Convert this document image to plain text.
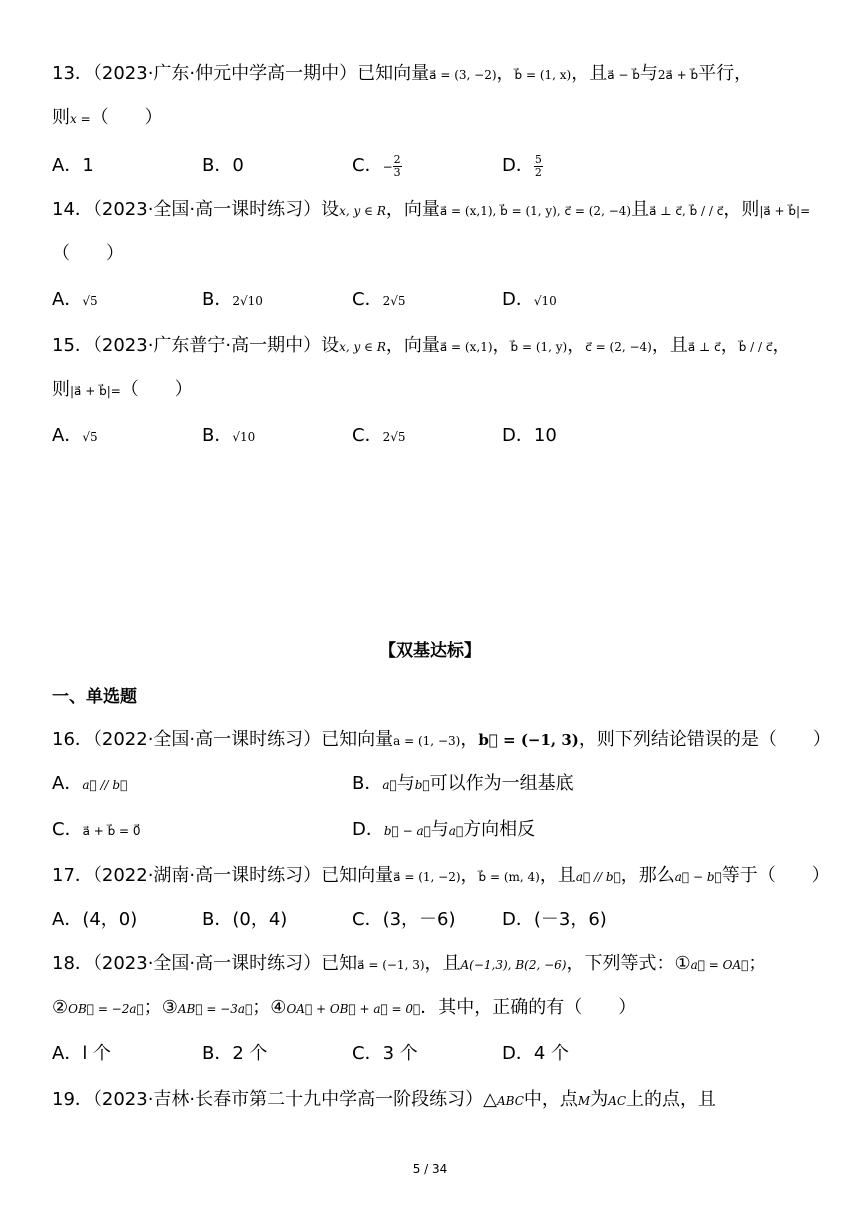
13．（2023·广东·仲元中学高一期中）已知向量a⃗ = (3, −2)，b⃗ = (1, x)，且a⃗ − b⃗与2a⃗ + b⃗平行，
则x =（　　）
A．1	B．0	C．− $\frac{2}{3}$	D． $\frac{5}{2}$
14．（2023·全国·高一课时练习）设x, y ∈ R，向量a⃗ = (x,1), b⃗ = (1, y), c⃗ = (2, −4)且a⃗ ⊥ c⃗, b⃗ / / c⃗，则|a⃗ + b⃗|=
（　　）
A．√5	B．2√10	C．2√5	D．√10
15．（2023·广东普宁·高一期中）设x, y ∈ R，向量a⃗ = (x,1)，b⃗ = (1, y)，c⃗ = (2, −4)，且a⃗ ⊥ c⃗，b⃗ / / c⃗，
则|a⃗ + b⃗|=（　　）
A．√5	B．√10	C．2√5	D．10
【双基达标】
一、单选题
16．（2022·全国·高一课时练习）已知向量a = (1, −3)，b⃗ = (−1, 3)，则下列结论错误的是（　　）
A．a⃗ // b⃗	B．a⃗与b⃗可以作为一组基底
C．a⃗ + b⃗ = 0⃗	D．b⃗ − a⃗与a⃗方向相反
17．（2022·湖南·高一课时练习）已知向量a⃗ = (1, −2)，b⃗ = (m, 4)，且a⃗ // b⃗，那么a⃗ − b⃗等于（　　）
A．(4，0)	B．(0，4)	C．(3，－6)	D．(－3，6)
18．（2023·全国·高一课时练习）已知a⃗ = (−1, 3)，且A(−1,3), B(2, −6)，下列等式：①a⃗ = OA⃗；
②OB⃗ = −2a⃗；③AB⃗ = −3a⃗；④OA⃗ + OB⃗ + a⃗ = 0⃗．其中，正确的有（　　）
A．l 个	B．2 个	C．3 个	D．4 个
19．（2023·吉林·长春市第二十九中学高一阶段练习）△ABC中，点M为AC上的点，且
5 / 34
